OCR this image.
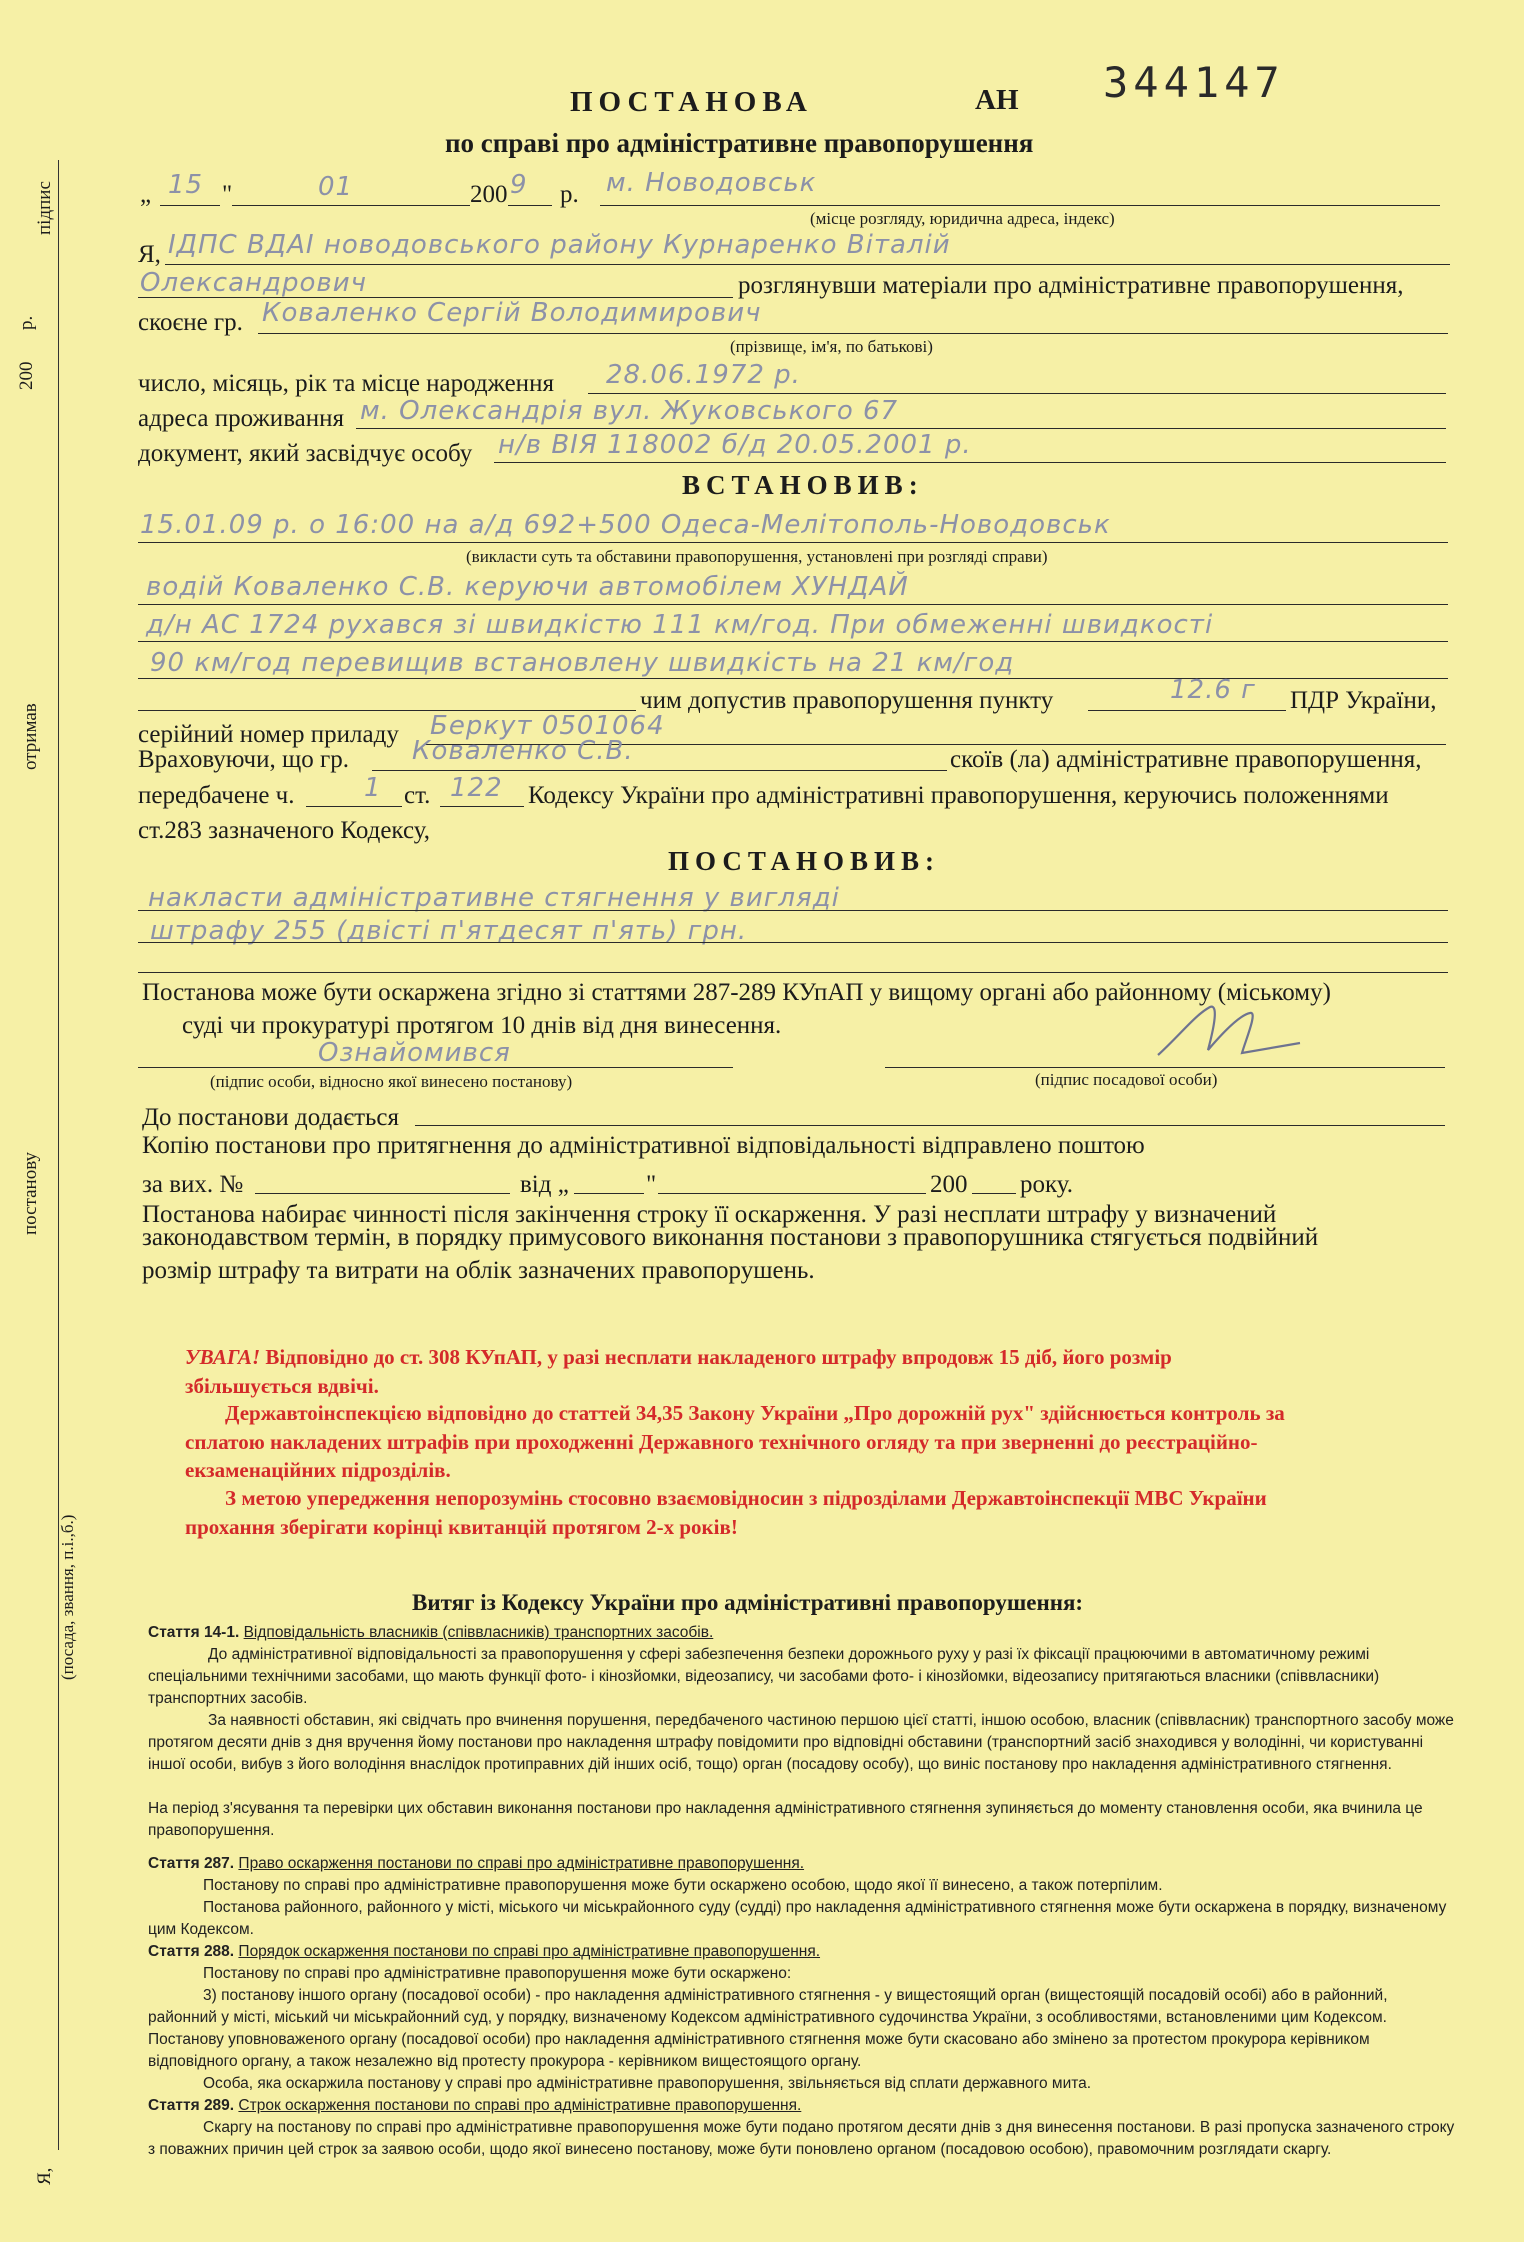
підпис
200
р.
отримав
постанову
(посада, звання, п.і.,б.)
Я,
ПОСТАНОВА	АН 344147
по справі про адміністративне правопорушення
„ 15 "	01	200 9 р. м. Новодовськ
(місце розгляду, юридична адреса, індекс)
Я, ІДПС ВДАІ новодовського району Курнаренко Віталій
Олександрович	розглянувши матеріали про адміністративне правопорушення,
скоєне гр. Коваленко Сергій Володимирович
(прізвище, ім'я, по батькові)
число, місяць, рік та місце народження 28.06.1972 р.
адреса проживання м. Олександрія вул. Жуковського 67
документ, який засвідчує особу н/в ВІЯ 118002 б/д 20.05.2001 р.
ВСТАНОВИВ:
15.01.09 р. о 16:00 на а/д 692+500 Одеса-Мелітополь-Новодовськ
(викласти суть та обставини правопорушення, установлені при розгляді справи)
водій Коваленко С.В. керуючи автомобілем ХУНДАЙ
д/н АС 1724 рухався зі швидкістю 111 км/год. При обмеженні швидкості
90 км/год перевищив встановлену швидкість на 21 км/год
чим допустив правопорушення пункту	12.6 г ПДР України,
серійний номер приладу Беркут 0501064
Враховуючи, що гр. Коваленко С.В.	скоїв (ла) адміністративне правопорушення,
передбачене ч.	1 ст. 122 Кодексу України про адміністративні правопорушення, керуючись положеннями
ст.283 зазначеного Кодексу,
ПОСТАНОВИВ:
накласти адміністративне стягнення у вигляді
штрафу 255 (двісті п'ятдесят п'ять) грн.
Постанова може бути оскаржена згідно зі статтями 287-289 КУпАП у вищому органі або районному (міському)
суді чи прокуратурі протягом 10 днів від дня винесення.
Ознайомився
(підпис особи, відносно якої винесено постанову)	(підпис посадової особи)
До постанови додається
Копію постанови про притягнення до адміністративної відповідальності відправлено поштою
за вих. №	від „	"	200 року.
Постанова набирає чинності після закінчення строку її оскарження. У разі несплати штрафу у визначений
законодавством термін, в порядку примусового виконання постанови з правопорушника стягується подвійний
розмір штрафу та витрати на облік зазначених правопорушень.
УВАГА! Відповідно до ст. 308 КУпАП, у разі несплати накладеного штрафу впродовж 15 діб, його розмір
збільшується вдвічі.
Державтоінспекцією відповідно до статтей 34,35 Закону України „Про дорожній рух" здійснюється контроль за
сплатою накладених штрафів при проходженні Державного технічного огляду та при зверненні до реєстраційно-
екзаменаційних підрозділів.
З метою упередження непорозумінь стосовно взаємовідносин з підрозділами Державтоінспекції МВС України
прохання зберігати корінці квитанцій протягом 2-х років!
Витяг із Кодексу України про адміністративні правопорушення:
Стаття 14-1. Відповідальність власників (співвласників) транспортних засобів.
До адміністративної відповідальності за правопорушення у сфері забезпечення безпеки дорожнього руху у разі їх фіксації працюючими в автоматичному режимі спеціальними технічними засобами, що мають функції фото- і кінозйомки, відеозапису, чи засобами фото- і кінозйомки, відеозапису притягаються власники (співвласники) транспортних засобів.
За наявності обставин, які свідчать про вчинення порушення, передбаченого частиною першою цієї статті, іншою особою, власник (співвласник) транспортного засобу може протягом десяти днів з дня вручення йому постанови про накладення штрафу повідомити про відповідні обставини (транспортний засіб знаходився у володінні, чи користуванні іншої особи, вибув з його володіння внаслідок протиправних дій інших осіб, тощо) орган (посадову особу), що виніс постанову про накладення адміністративного стягнення.
На період з'ясування та перевірки цих обставин виконання постанови про накладення адміністративного стягнення зупиняється до моменту становлення особи, яка вчинила це правопорушення.
Стаття 287. Право оскарження постанови по справі про адміністративне правопорушення.
Постанову по справі про адміністративне правопорушення може бути оскаржено особою, щодо якої її винесено, а також потерпілим.
Постанова районного, районного у місті, міського чи міськрайонного суду (судді) про накладення адміністративного стягнення може бути оскаржена в порядку, визначеному цим Кодексом.
Стаття 288. Порядок оскарження постанови по справі про адміністративне правопорушення.
Постанову по справі про адміністративне правопорушення може бути оскаржено:
3) постанову іншого органу (посадової особи) - про накладення адміністративного стягнення - у вищестоящий орган (вищестоящій посадовій особі) або в районний, районний у місті, міський чи міськрайонний суд, у порядку, визначеному Кодексом адміністративного судочинства України, з особливостями, встановленими цим Кодексом. Постанову уповноваженого органу (посадової особи) про накладення адміністративного стягнення може бути скасовано або змінено за протестом прокурора керівником відповідного органу, а також незалежно від протесту прокурора - керівником вищестоящого органу.
Особа, яка оскаржила постанову у справі про адміністративне правопорушення, звільняється від сплати державного мита.
Стаття 289. Строк оскарження постанови по справі про адміністративне правопорушення.
Скаргу на постанову по справі про адміністративне правопорушення може бути подано протягом десяти днів з дня винесення постанови. В разі пропуска зазначеного строку з поважних причин цей строк за заявою особи, щодо якої винесено постанову, може бути поновлено органом (посадовою особою), правомочним розглядати скаргу.
